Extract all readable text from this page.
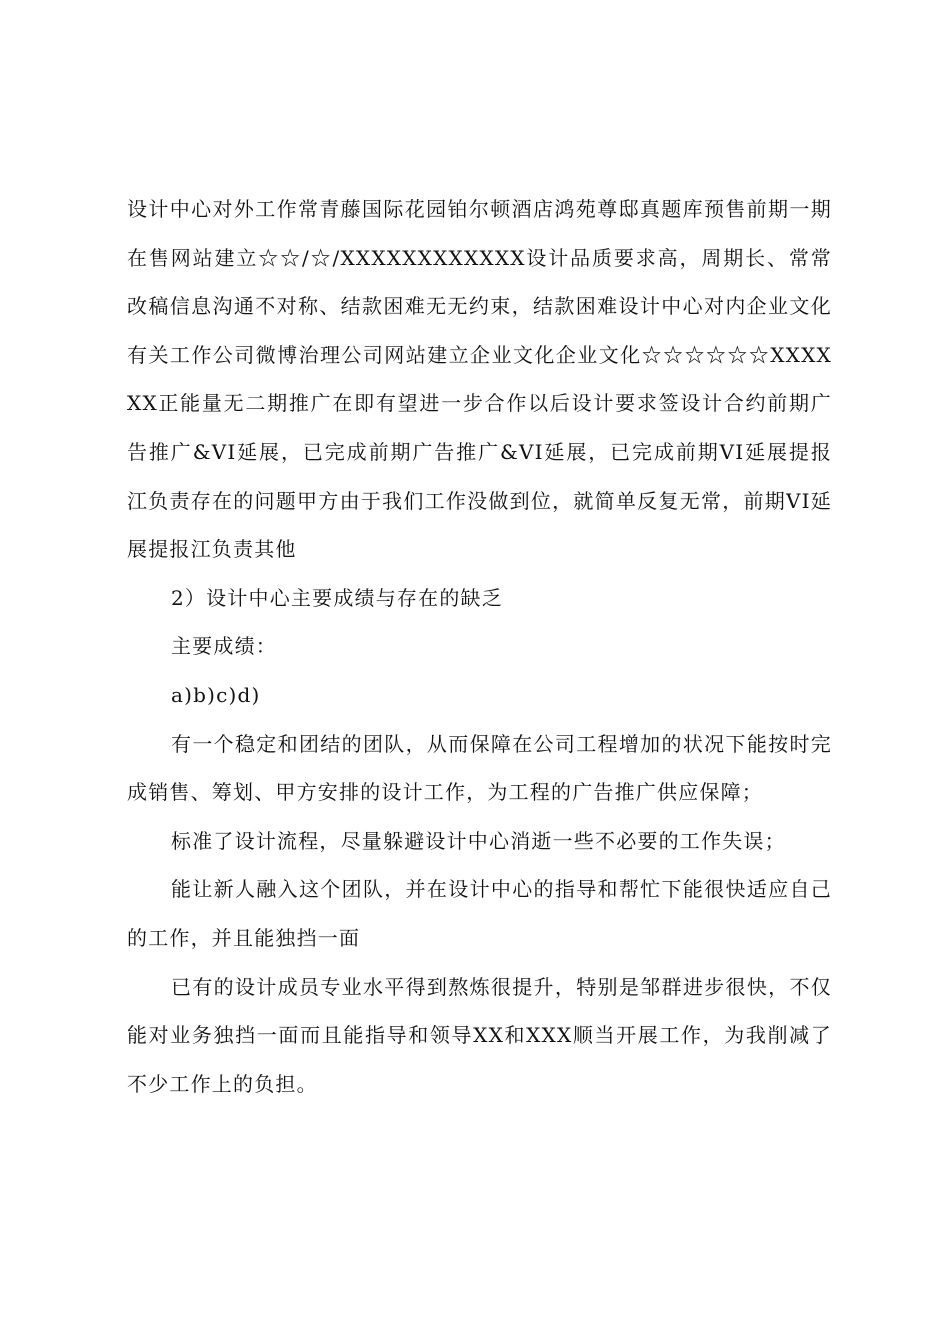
设计中心对外工作常青藤国际花园铂尔顿酒店鸿苑尊邸真题库预售前期一期在售网站建立☆☆/☆/XXXXXXXXXXXX设计品质要求高，周期长、常常改稿信息沟通不对称、结款困难无无约束，结款困难设计中心对内企业文化有关工作公司微博治理公司网站建立企业文化企业文化☆☆☆☆☆☆XXXXXX正能量无二期推广在即有望进一步合作以后设计要求签设计合约前期广告推广&VI延展，已完成前期广告推广&VI延展，已完成前期VI延展提报江负责存在的问题甲方由于我们工作没做到位，就简单反复无常，前期VI延展提报江负责其他

2）设计中心主要成绩与存在的缺乏

主要成绩：

a)b)c)d)

有一个稳定和团结的团队，从而保障在公司工程增加的状况下能按时完成销售、筹划、甲方安排的设计工作，为工程的广告推广供应保障；

标准了设计流程，尽量躲避设计中心消逝一些不必要的工作失误；

能让新人融入这个团队，并在设计中心的指导和帮忙下能很快适应自己的工作，并且能独挡一面

已有的设计成员专业水平得到熬炼很提升，特别是邹群进步很快，不仅能对业务独挡一面而且能指导和领导XX和XXX顺当开展工作，为我削减了不少工作上的负担。
